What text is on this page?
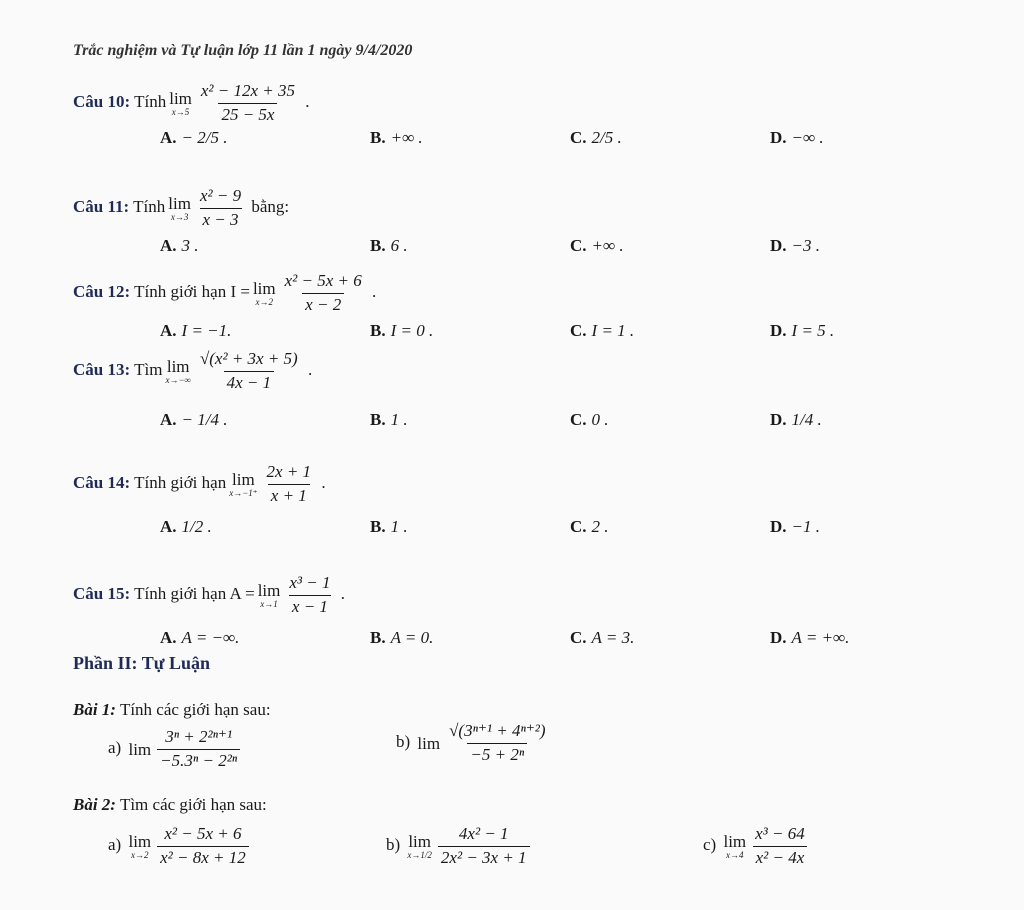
Trắc nghiệm và Tự luận lớp 11 lần 1 ngày 9/4/2020
Câu 10: Tính lim
$x\to 5 \frac{\text{x² − 12x + 35}}{25 - 5x}$ .
A. − 2/5 .	B. +∞ .	C. 2/5 .	D. −∞ .
Câu 11: Tính lim
$x\to 3 \frac{\text{x² − 9}}{x - 3}$ bằng:
A. 3 .	B. 6 .	C. +∞ .	D. −3 .
Câu 12: Tính giới hạn I = lim
$x\to 2 \frac{\text{x² − 5x + 6}}{x - 2}$ .
A. I = −1.	B. I = 0 .	C. I = 1 .	D. I = 5 .
Câu 13: Tìm lim
$x\to-\infty \frac{\text{√(x² + 3x + 5)}}{4x - 1}$ .
A. − 1/4 .	B. 1 .	C. 0 .	D. 1/4 .
Câu 14: Tính giới hạn lim
$x\to-1^+ \frac{2x + 1}{x + 1}$ .
A. 1/2 .	B. 1 .	C. 2 .	D. −1 .
Câu 15: Tính giới hạn A = lim
$x\to 1 \frac{\text{x³ − 1}}{x - 1}$ .
A. A = −∞.	B. A = 0.	C. A = 3.	D. A = +∞.
Phần II: Tự Luận
Bài 1: Tính các giới hạn sau:
a) $\lim \frac{\text{3ⁿ + 2²ⁿ⁺¹}}{\text{−5.3ⁿ − 2²ⁿ}}$	b) $\lim \frac{\text{√(3ⁿ⁺¹ + 4ⁿ⁺²)}}{\text{−5 + 2ⁿ}}$
Bài 2: Tìm các giới hạn sau:
a) lim
$x\to 2 \frac{\text{x² − 5x + 6}}{\text{x² − 8x + 12}}$	b) lim
$x\to 1/2 \frac{\text{4x² − 1}}{\text{2x² − 3x + 1}}$	c) lim
$x\to 4 \frac{\text{x³ − 64}}{\text{x² − 4x}}$
